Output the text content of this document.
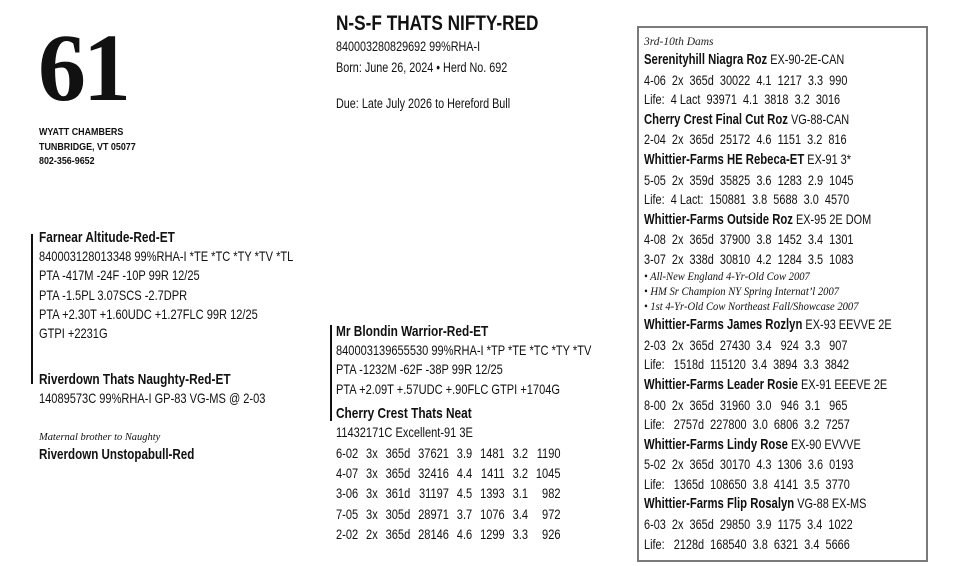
61
WYATT CHAMBERS
TUNBRIDGE, VT 05077
802-356-9652
N-S-F THATS NIFTY-RED
840003280829692 99%RHA-I
Born: June 26, 2024 • Herd No. 692
Due: Late July 2026 to Hereford Bull
Farnear Altitude-Red-ET
840003128013348 99%RHA-I *TE *TC *TY *TV *TL
PTA -417M -24F -10P 99R 12/25
PTA -1.5PL 3.07SCS -2.7DPR
PTA +2.30T +1.60UDC +1.27FLC 99R 12/25
GTPI +2231G
Riverdown Thats Naughty-Red-ET
14089573C 99%RHA-I GP-83 VG-MS @ 2-03
Maternal brother to Naughty
Riverdown Unstopabull-Red
Mr Blondin Warrior-Red-ET
840003139655530 99%RHA-I *TP *TE *TC *TY *TV
PTA -1232M -62F -38P 99R 12/25
PTA +2.09T +.57UDC +.90FLC GTPI +1704G
Cherry Crest Thats Neat
11432171C Excellent-91 3E
6-02	3x	365d	37621	3.9	1481	3.2	1190
4-07	3x	365d	32416	4.4	1411	3.2	1045
3-06	3x	361d	31197	4.5	1393	3.1	982
7-05	3x	305d	28971	3.7	1076	3.4	972
2-02	2x	365d	28146	4.6	1299	3.3	926
3rd-10th Dams
Serenityhill Niagra Roz EX-90-2E-CAN
4-06  2x  365d  30022  4.1  1217  3.3  990
Life:  4 Lact  93971  4.1  3818  3.2  3016
Cherry Crest Final Cut Roz VG-88-CAN
2-04  2x  365d  25172  4.6  1151  3.2  816
Whittier-Farms HE Rebeca-ET EX-91 3*
5-05  2x  359d  35825  3.6  1283  2.9  1045
Life:  4 Lact:  150881  3.8  5688  3.0  4570
Whittier-Farms Outside Roz EX-95 2E DOM
4-08  2x  365d  37900  3.8  1452  3.4  1301
3-07  2x  338d  30810  4.2  1284  3.5  1083
• All-New England 4-Yr-Old Cow 2007
• HM Sr Champion NY Spring Internat’l 2007
• 1st 4-Yr-Old Cow Northeast Fall/Showcase 2007
Whittier-Farms James Rozlyn EX-93 EEVVE 2E
2-03  2x  365d  27430  3.4   924  3.3   907
Life:   1518d  115120  3.4  3894  3.3  3842
Whittier-Farms Leader Rosie EX-91 EEEVE 2E
8-00  2x  365d  31960  3.0   946  3.1   965
Life:   2757d  227800  3.0  6806  3.2  7257
Whittier-Farms Lindy Rose EX-90 EVVVE
5-02  2x  365d  30170  4.3  1306  3.6  0193
Life:   1365d  108650  3.8  4141  3.5  3770
Whittier-Farms Flip Rosalyn VG-88 EX-MS
6-03  2x  365d  29850  3.9  1175  3.4  1022
Life:   2128d  168540  3.8  6321  3.4  5666
